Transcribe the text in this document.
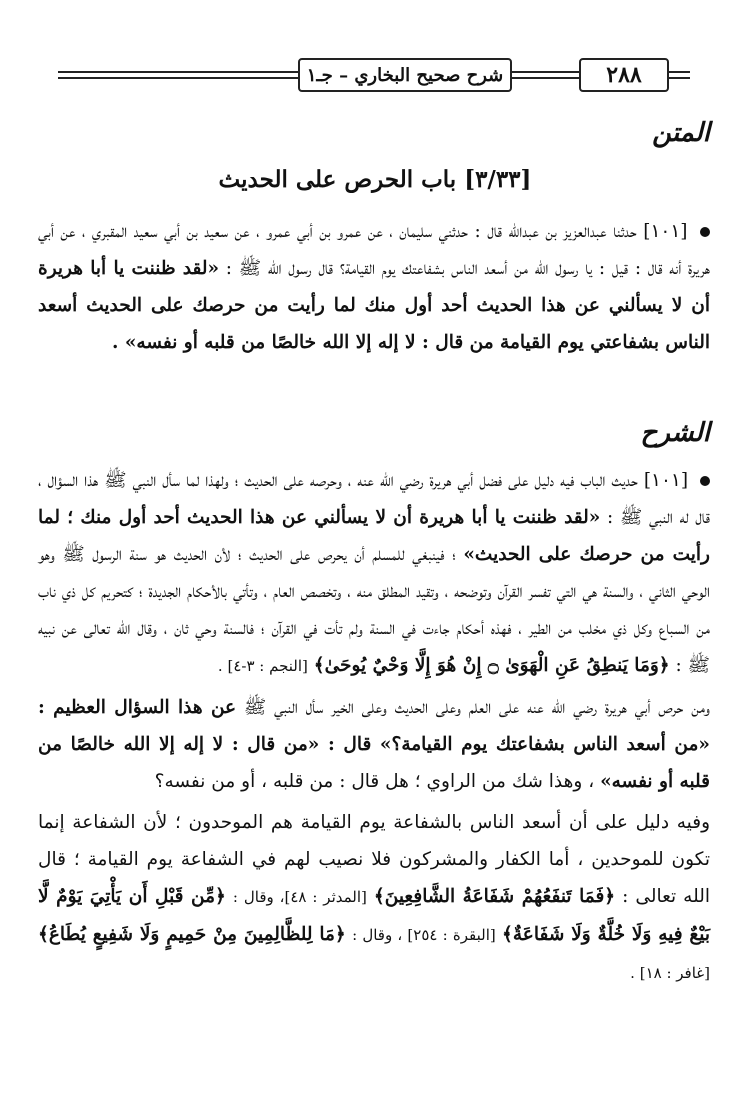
٢٨٨
شرح صحيح البخاري – جـ١
المتن
[٣/٣٣] باب الحرص على الحديث

[١٠١] حدثنا عبدالعزيز بن عبدالله قال : حدثني سليمان ، عن عمرو بن أبي عمرو ، عن سعيد بن أبي سعيد المقبري ، عن أبي هريرة أنه قال : قيل : يا رسول الله من أسعد الناس بشفاعتك يوم القيامة؟ قال رسول الله ﷺ : «لقد ظننت يا أبا هريرة أن لا يسألني عن هذا الحديث أحد أول منك لما رأيت من حرصك على الحديث أسعد الناس بشفاعتي يوم القيامة من قال : لا إله إلا الله خالصًا من قلبه أو نفسه» .

الشرح

[١٠١] حديث الباب فيه دليل على فضل أبي هريرة رضي الله عنه ، وحرصه على الحديث ؛ ولهذا لما سأل النبي ﷺ هذا السؤال ، قال له النبي ﷺ : «لقد ظننت يا أبا هريرة أن لا يسألني عن هذا الحديث أحد أول منك ؛ لما رأيت من حرصك على الحديث» ؛ فينبغي للمسلم أن يحرص على الحديث ؛ لأن الحديث هو سنة الرسول ﷺ وهو الوحي الثاني ، والسنة هي التي تفسر القرآن وتوضحه ، وتقيد المطلق منه ، وتخصص العام ، وتأتي بالأحكام الجديدة ؛ كتحريم كل ذي ناب من السباع وكل ذي مخلب من الطير ، فهذه أحكام جاءت في السنة ولم تأت في القرآن ؛ فالسنة وحي ثان ، وقال الله تعالى عن نبيه ﷺ : ﴿وَمَا يَنطِقُ عَنِ الْهَوَىٰ ۝ إِنْ هُوَ إِلَّا وَحْيٌ يُوحَىٰ﴾ [النجم : ٣-٤] .

ومن حرص أبي هريرة رضي الله عنه على العلم وعلى الحديث وعلى الخير سأل النبي ﷺ عن هذا السؤال العظيم : «من أسعد الناس بشفاعتك يوم القيامة؟» قال : «من قال : لا إله إلا الله خالصًا من قلبه أو نفسه» ، وهذا شك من الراوي ؛ هل قال : من قلبه ، أو من نفسه؟

وفيه دليل على أن أسعد الناس بالشفاعة يوم القيامة هم الموحدون ؛ لأن الشفاعة إنما تكون للموحدين ، أما الكفار والمشركون فلا نصيب لهم في الشفاعة يوم القيامة ؛ قال الله تعالى : ﴿فَمَا تَنفَعُهُمْ شَفَاعَةُ الشَّافِعِينَ﴾ [المدثر : ٤٨]، وقال : ﴿مِّن قَبْلِ أَن يَأْتِيَ يَوْمٌ لَّا بَيْعٌ فِيهِ وَلَا خُلَّةٌ وَلَا شَفَاعَةٌ﴾ [البقرة : ٢٥٤] ، وقال : ﴿مَا لِلظَّالِمِينَ مِنْ حَمِيمٍ وَلَا شَفِيعٍ يُطَاعُ﴾ [غافر : ١٨] .
